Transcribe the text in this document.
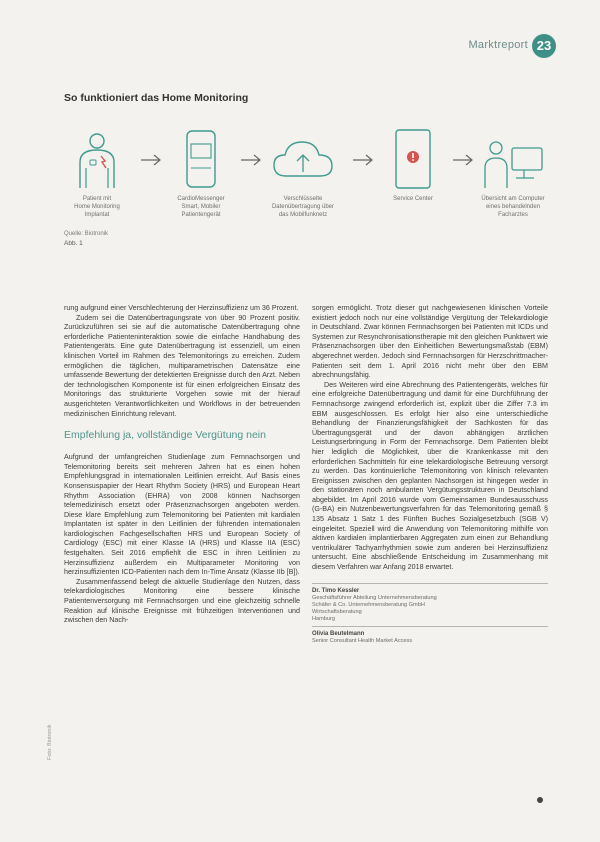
Marktreport 23
So funktioniert das Home Monitoring
Patient mit
Home Monitoring
Implantat
CardioMessenger
Smart, Mobiler
Patientengerät
Verschlüsselte
Datenübertragung über
das Mobilfunknetz
Service Center	Übersicht am Computer
eines behandelnden
Facharztes
Quelle: Biotronik
Abb. 1

rung aufgrund einer Verschlechterung der Herzinsuffizienz um 36 Prozent.

Zudem sei die Datenübertragungsrate von über 90 Prozent positiv. Zurückzuführen sei sie auf die automatische Datenübertragung ohne erforderliche Patienteninteraktion sowie die einfache Handhabung des Patientengeräts. Eine gute Datenübertragung ist essenziell, um einen klinischen Vorteil im Rahmen des Telemonitorings zu erreichen. Zudem ermöglichen die täglichen, multiparametrischen Datensätze eine umfassende Bewertung der detektierten Ereignisse durch den Arzt. Neben der technologischen Komponente ist für einen erfolgreichen Einsatz des Monitorings das strukturierte Vorgehen sowie mit der hierauf ausgerichteten Verantwortlichkeiten und Workflows in der betreuenden medizinischen Einrichtung relevant.

Empfehlung ja, vollständige Vergütung nein

Aufgrund der umfangreichen Studienlage zum Fernnachsorgen und Telemonitoring bereits seit mehreren Jahren hat es einen hohen Empfehlungsgrad in internationalen Leitlinien erreicht. Auf Basis eines Konsensuspapier der Heart Rhythm Society (HRS) und European Heart Rhythm Association (EHRA) von 2008 können Nachsorgen telemedizinisch ersetzt oder Präsenznachsorgen angeboten werden. Diese klare Empfehlung zum Telemonitoring bei Patienten mit kardialen Implantaten ist später in den Leitlinien der führenden internationalen kardiologischen Fachgesellschaften HRS und European Society of Cardiology (ESC) mit einer Klasse IA (HRS) und Klasse IIA (ESC) festgehalten. Seit 2016 empfiehlt die ESC in ihren Leitlinien zu Herzinsuffizienz außerdem ein Multiparameter Monitoring von herzinsuffizienten ICD-Patienten nach dem In-Time Ansatz (Klasse IIb [B]).

Zusammenfassend belegt die aktuelle Studienlage den Nutzen, dass telekardiologisches Monitoring eine bessere klinische Patientenversorgung mit Fernnachsorgen und eine gleichzeitig schnelle Reaktion auf klinische Ereignisse mit frühzeitigen Interventionen und zwischen den Nach-

sorgen ermöglicht. Trotz dieser gut nachgewiesenen klinischen Vorteile existiert jedoch noch nur eine vollständige Vergütung der Telekardiologie in Deutschland. Zwar können Fernnachsorgen bei Patienten mit ICDs und Systemen zur Resynchronisationstherapie mit den gleichen Punktwert wie Präsenznachsorgen über den Einheitlichen Bewertungsmaßstab (EBM) abgerechnet werden. Jedoch sind Fernnachsorgen für Herzschrittmacher-Patienten seit dem 1. April 2016 nicht mehr über den EBM abrechnungsfähig.

Des Weiteren wird eine Abrechnung des Patientengeräts, welches für eine erfolgreiche Datenübertragung und damit für eine Durchführung der Fernnachsorge zwingend erforderlich ist, explizit über die Ziffer 7.3 im EBM ausgeschlossen. Es erfolgt hier also eine unterschiedliche Behandlung der Finanzierungsfähigkeit der Sachkosten für das Übertragungsgerät und der davon abhängigen ärztlichen Leistungserbringung in Form der Fernnachsorge. Dem Patienten bleibt hier lediglich die Möglichkeit, über die Krankenkasse mit den erforderlichen Sachmitteln für eine telekardiologische Betreuung versorgt zu werden. Das kontinuierliche Telemonitoring von klinisch relevanten Ereignissen zwischen den geplanten Nachsorgen ist hingegen weder in den stationären noch ambulanten Vergütungsstrukturen in Deutschland abgebildet. Im April 2016 wurde vom Gemeinsamen Bundesausschuss (G-BA) ein Nutzenbewertungsverfahren für das Telemonitoring gemäß § 135 Absatz 1 Satz 1 des Fünften Buches Sozialgesetzbuch (SGB V) eingeleitet. Speziell wird die Anwendung von Telemonitoring mithilfe von aktiven kardialen implantierbaren Aggregaten zum einen zur Behandlung ventrikulärer Tachyarrhythmien sowie zum anderen bei Herzinsuffizienz untersucht. Eine abschließende Entscheidung im Zusammenhang mit diesem Verfahren war Anfang 2018 erwartet.

Dr. Timo Kessler
Geschäftsführer Abteilung Unternehmensberatung
Schäfer & Co. Unternehmensberatung GmbH
Wirtschaftsberatung
Hamburg
Olivia Beutelmann
Senior Consultant Health Market Access
Foto: Biotronik
